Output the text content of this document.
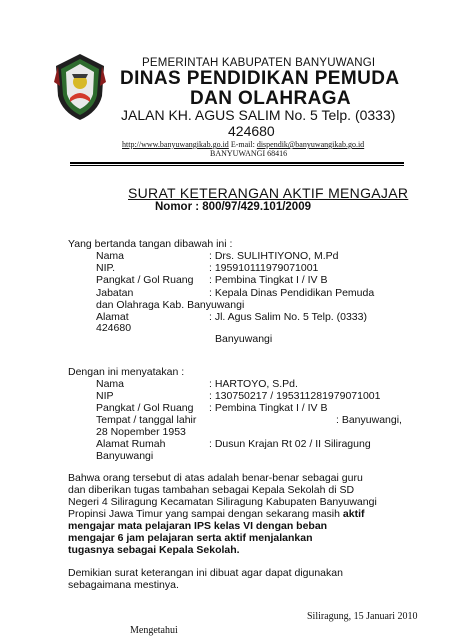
PEMERINTAH KABUPATEN BANYUWANGI
DINAS PENDIDIKAN PEMUDA
DAN OLAHRAGA
JALAN KH. AGUS SALIM No. 5 Telp. (0333)
424680
http://www.banyuwangikab.go.id E-mail: dispendik@banyuwangikab.go.id
BANYUWANGI 68416
SURAT KETERANGAN AKTIF MENGAJAR
Nomor : 800/97/429.101/2009
Yang bertanda tangan dibawah ini :
Nama	: Drs. SULIHTIYONO, M.Pd
NIP.	: 195910111979071001
Pangkat / Gol Ruang : Pembina Tingkat I / IV B
Jabatan	: Kepala Dinas Pendidikan Pemuda
dan Olahraga Kab. Banyuwangi
Alamat	: Jl. Agus Salim No. 5 Telp. (0333)
424680
Banyuwangi
Dengan ini menyatakan :
Nama	: HARTOYO, S.Pd.
NIP	: 130750217 / 195311281979071001
Pangkat / Gol Ruang : Pembina Tingkat I / IV B
Tempat / tanggal lahir	: Banyuwangi,
28 Nopember 1953
Alamat Rumah	: Dusun Krajan Rt 02 / II Siliragung
Banyuwangi
Bahwa orang tersebut di atas adalah benar-benar sebagai guru
dan diberikan tugas tambahan sebagai Kepala Sekolah di SD
Negeri 4 Siliragung Kecamatan Siliragung Kabupaten Banyuwangi
Propinsi Jawa Timur yang sampai dengan sekarang masih aktif
mengajar mata pelajaran IPS kelas VI dengan beban
mengajar 6 jam pelajaran serta aktif menjalankan
tugasnya sebagai Kepala Sekolah.
Demikian surat keterangan ini dibuat agar dapat digunakan
sebagaimana mestinya.
Siliragung, 15 Januari 2010
Mengetahui
